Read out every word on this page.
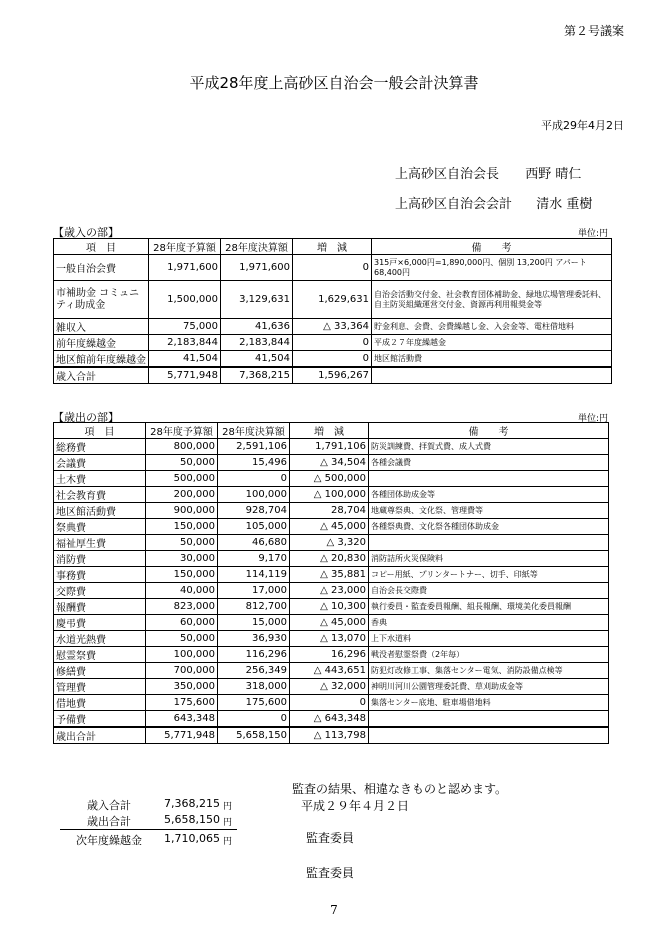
第２号議案
平成28年度上高砂区自治会一般会計決算書
平成29年4月2日
上高砂区自治会長 西野 晴仁
上高砂区自治会会計 清水 重樹
【歳入の部】	単位:円
項　目	28年度予算額	28年度決算額	増　減	備　　考
一般自治会費	1,971,600	1,971,600	0	315戸×6,000円=1,890,000円、個別 13,200円 アパート 68,400円
市補助金 コミュニティ助成金	1,500,000	3,129,631	1,629,631	自治会活動交付金、社会教育団体補助金、緑地広場管理委託料、自主防災組織運営交付金、資源再利用報奨金等
雑収入	75,000	41,636	△ 33,364	貯金利息、会費、会費繰越し金、入会金等、電柱借地料
前年度繰越金	2,183,844	2,183,844	0	平成２７年度繰越金
地区館前年度繰越金	41,504	41,504	0	地区館活動費
歳入合計	5,771,948	7,368,215	1,596,267	
【歳出の部】	単位:円
項　目	28年度予算額	28年度決算額	増　減	備　　考
総務費	800,000	2,591,106	1,791,106	防災訓練費、拝賀式費、成人式費
会議費	50,000	15,496	△ 34,504	各種会議費
土木費	500,000	0	△ 500,000	
社会教育費	200,000	100,000	△ 100,000	各種団体助成金等
地区館活動費	900,000	928,704	28,704	地蔵尊祭典、文化祭、管理費等
祭典費	150,000	105,000	△ 45,000	各種祭典費、文化祭各種団体助成金
福祉厚生費	50,000	46,680	△ 3,320	
消防費	30,000	9,170	△ 20,830	消防詰所火災保険料
事務費	150,000	114,119	△ 35,881	コピー用紙、プリンタートナー、切手、印紙等
交際費	40,000	17,000	△ 23,000	自治会長交際費
報酬費	823,000	812,700	△ 10,300	執行委員・監査委員報酬、組長報酬、環境美化委員報酬
慶弔費	60,000	15,000	△ 45,000	香典
水道光熱費	50,000	36,930	△ 13,070	上下水道料
慰霊祭費	100,000	116,296	16,296	戦没者慰霊祭費（2年毎）
修繕費	700,000	256,349	△ 443,651	防犯灯改修工事、集落センター電気、消防設備点検等
管理費	350,000	318,000	△ 32,000	神明川河川公園管理委託費、草刈助成金等
借地費	175,600	175,600	0	集落センター底地、駐車場借地料
予備費	643,348	0	△ 643,348	
歳出合計	5,771,948	5,658,150	△ 113,798	
歳入合計	7,368,215 円
歳出合計	5,658,150 円
次年度繰越金	1,710,065 円
監査の結果、相違なきものと認めます。
平成２９年４月２日
監査委員
監査委員
7
